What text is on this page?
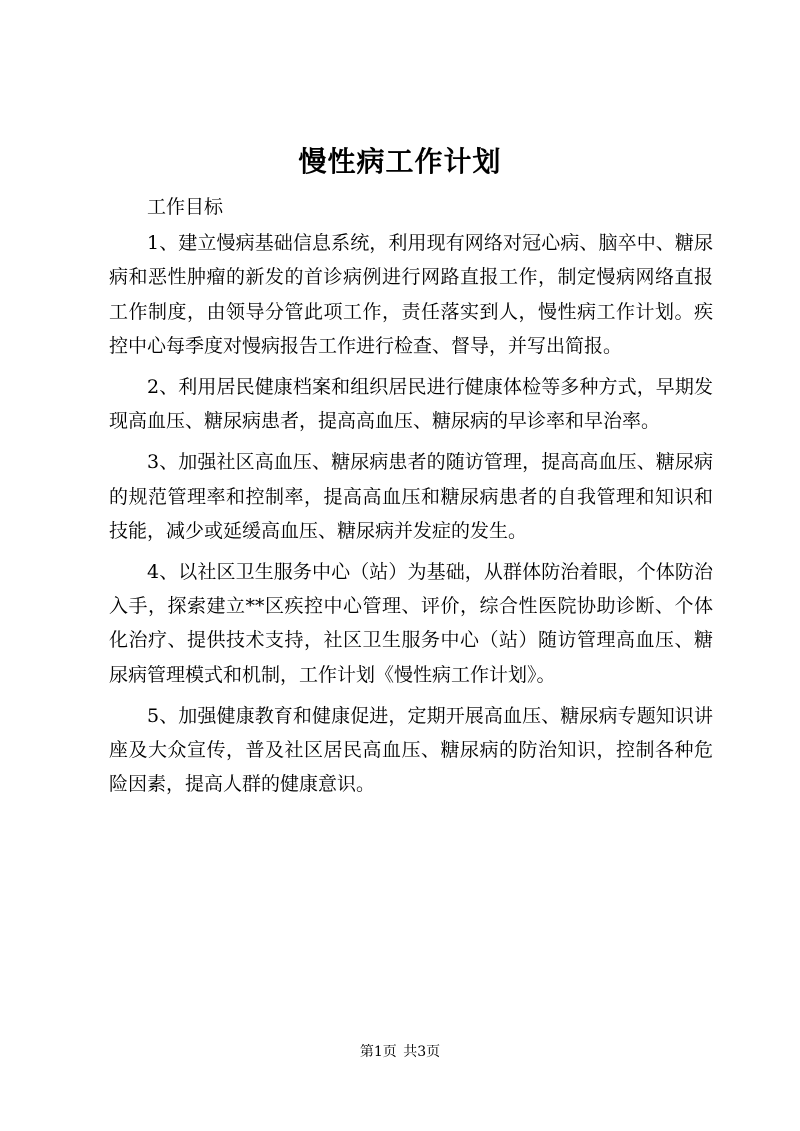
慢性病工作计划

工作目标

1、建立慢病基础信息系统，利用现有网络对冠心病、脑卒中、糖尿病和恶性肿瘤的新发的首诊病例进行网路直报工作，制定慢病网络直报工作制度，由领导分管此项工作，责任落实到人，慢性病工作计划。疾控中心每季度对慢病报告工作进行检查、督导，并写出简报。

2、利用居民健康档案和组织居民进行健康体检等多种方式，早期发现高血压、糖尿病患者，提高高血压、糖尿病的早诊率和早治率。

3、加强社区高血压、糖尿病患者的随访管理，提高高血压、糖尿病的规范管理率和控制率，提高高血压和糖尿病患者的自我管理和知识和技能，减少或延缓高血压、糖尿病并发症的发生。

4、以社区卫生服务中心（站）为基础，从群体防治着眼，个体防治入手，探索建立**区疾控中心管理、评价，综合性医院协助诊断、个体化治疗、提供技术支持，社区卫生服务中心（站）随访管理高血压、糖尿病管理模式和机制，工作计划《慢性病工作计划》。

5、加强健康教育和健康促进，定期开展高血压、糖尿病专题知识讲座及大众宣传，普及社区居民高血压、糖尿病的防治知识，控制各种危险因素，提高人群的健康意识。

第1页 共3页
